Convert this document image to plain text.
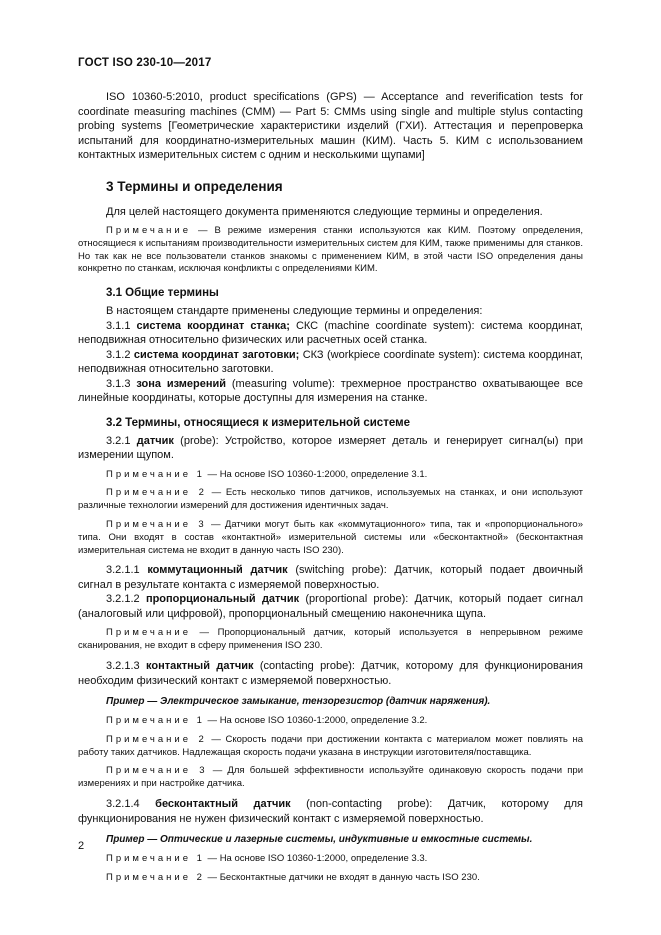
ГОСТ ISO 230-10—2017
ISO 10360-5:2010, product specifications (GPS) — Acceptance and reverification tests for coordinate measuring machines (CMM) — Part 5: CMMs using single and multiple stylus contacting probing systems [Геометрические характеристики изделий (ГХИ). Аттестация и перепроверка испытаний для координатно-измерительных машин (КИМ). Часть 5. КИМ с использованием контактных измерительных систем с одним и несколькими щупами]
3 Термины и определения
Для целей настоящего документа применяются следующие термины и определения.
Примечание — В режиме измерения станки используются как КИМ. Поэтому определения, относящиеся к испытаниям производительности измерительных систем для КИМ, также применимы для станков. Но так как не все пользователи станков знакомы с применением КИМ, в этой части ISO определения даны конкретно по станкам, исключая конфликты с определениями КИМ.
3.1 Общие термины
В настоящем стандарте применены следующие термины и определения:
3.1.1 система координат станка; СКС (machine coordinate system): система координат, неподвижная относительно физических или расчетных осей станка.
3.1.2 система координат заготовки; СКЗ (workpiece coordinate system): система координат, неподвижная относительно заготовки.
3.1.3 зона измерений (measuring volume): трехмерное пространство охватывающее все линейные координаты, которые доступны для измерения на станке.
3.2 Термины, относящиеся к измерительной системе
3.2.1 датчик (probe): Устройство, которое измеряет деталь и генерирует сигнал(ы) при измерении щупом.
Примечание 1 — На основе ISO 10360-1:2000, определение 3.1.
Примечание 2 — Есть несколько типов датчиков, используемых на станках, и они используют различные технологии измерений для достижения идентичных задач.
Примечание 3 — Датчики могут быть как «коммутационного» типа, так и «пропорционального» типа. Они входят в состав «контактной» измерительной системы или «бесконтактной» (бесконтактная измерительная система не входит в данную часть ISO 230).
3.2.1.1 коммутационный датчик (switching probe): Датчик, который подает двоичный сигнал в результате контакта с измеряемой поверхностью.
3.2.1.2 пропорциональный датчик (proportional probe): Датчик, который подает сигнал (аналоговый или цифровой), пропорциональный смещению наконечника щупа.
Примечание — Пропорциональный датчик, который используется в непрерывном режиме сканирования, не входит в сферу применения ISO 230.
3.2.1.3 контактный датчик (contacting probe): Датчик, которому для функционирования необходим физический контакт с измеряемой поверхностью.
Пример — Электрическое замыкание, тензорезистор (датчик наряжения).
Примечание 1 — На основе ISO 10360-1:2000, определение 3.2.
Примечание 2 — Скорость подачи при достижении контакта с материалом может повлиять на работу таких датчиков. Надлежащая скорость подачи указана в инструкции изготовителя/поставщика.
Примечание 3 — Для большей эффективности используйте одинаковую скорость подачи при измерениях и при настройке датчика.
3.2.1.4 бесконтактный датчик (non-contacting probe): Датчик, которому для функционирования не нужен физический контакт с измеряемой поверхностью.
Пример — Оптические и лазерные системы, индуктивные и емкостные системы.
Примечание 1 — На основе ISO 10360-1:2000, определение 3.3.
Примечание 2 — Бесконтактные датчики не входят в данную часть ISO 230.
2
